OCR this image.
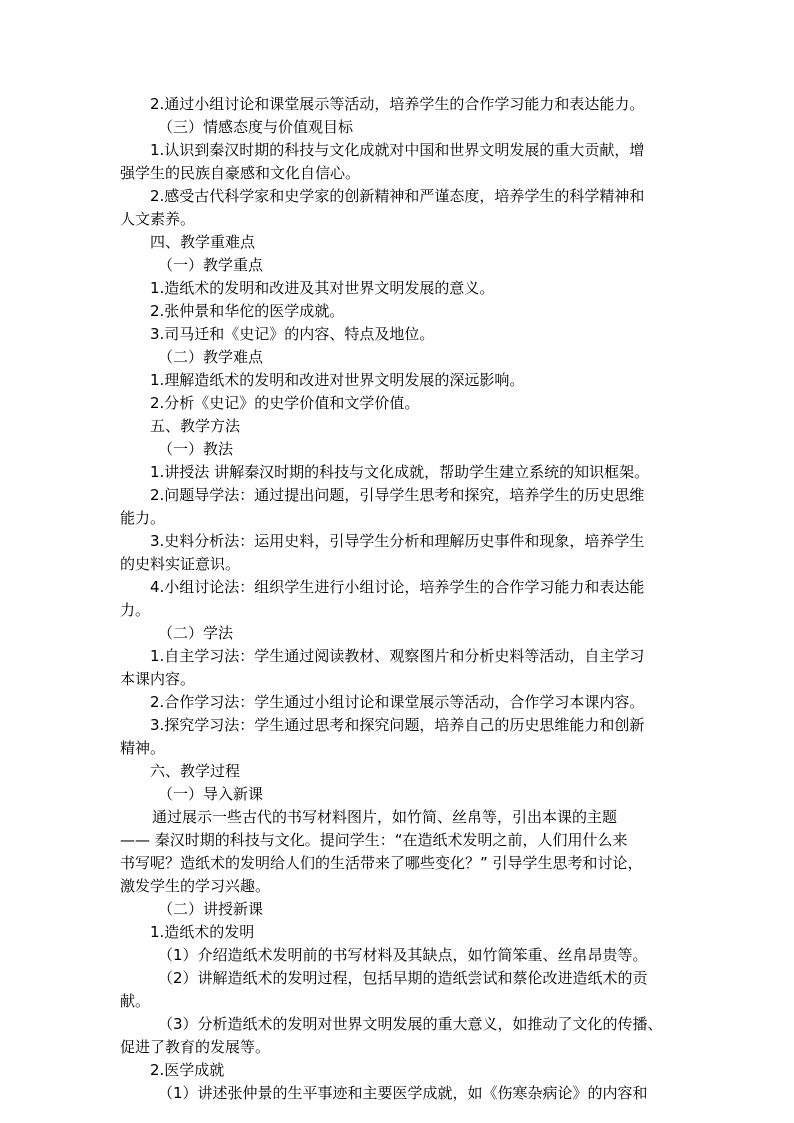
2.通过小组讨论和课堂展示等活动，培养学生的合作学习能力和表达能力。
（三）情感态度与价值观目标
1.认识到秦汉时期的科技与文化成就对中国和世界文明发展的重大贡献，增
强学生的民族自豪感和文化自信心。
2.感受古代科学家和史学家的创新精神和严谨态度，培养学生的科学精神和
人文素养。
四、教学重难点
（一）教学重点
1.造纸术的发明和改进及其对世界文明发展的意义。
2.张仲景和华佗的医学成就。
3.司马迁和《史记》的内容、特点及地位。
（二）教学难点
1.理解造纸术的发明和改进对世界文明发展的深远影响。
2.分析《史记》的史学价值和文学价值。
五、教学方法
（一）教法
1.讲授法 讲解秦汉时期的科技与文化成就，帮助学生建立系统的知识框架。
2.问题导学法：通过提出问题，引导学生思考和探究，培养学生的历史思维
能力。
3.史料分析法：运用史料，引导学生分析和理解历史事件和现象，培养学生
的史料实证意识。
4.小组讨论法：组织学生进行小组讨论，培养学生的合作学习能力和表达能
力。
（二）学法
1.自主学习法：学生通过阅读教材、观察图片和分析史料等活动，自主学习
本课内容。
2.合作学习法：学生通过小组讨论和课堂展示等活动，合作学习本课内容。
3.探究学习法：学生通过思考和探究问题，培养自己的历史思维能力和创新
精神。
六、教学过程
（一）导入新课
通过展示一些古代的书写材料图片，如竹简、丝帛等，引出本课的主题
—— 秦汉时期的科技与文化。提问学生：“在造纸术发明之前，人们用什么来
书写呢？造纸术的发明给人们的生活带来了哪些变化？” 引导学生思考和讨论，
激发学生的学习兴趣。
（二）讲授新课
1.造纸术的发明
（1）介绍造纸术发明前的书写材料及其缺点，如竹简笨重、丝帛昂贵等。
（2）讲解造纸术的发明过程，包括早期的造纸尝试和蔡伦改进造纸术的贡
献。
（3）分析造纸术的发明对世界文明发展的重大意义，如推动了文化的传播、
促进了教育的发展等。
2.医学成就
（1）讲述张仲景的生平事迹和主要医学成就，如《伤寒杂病论》的内容和
